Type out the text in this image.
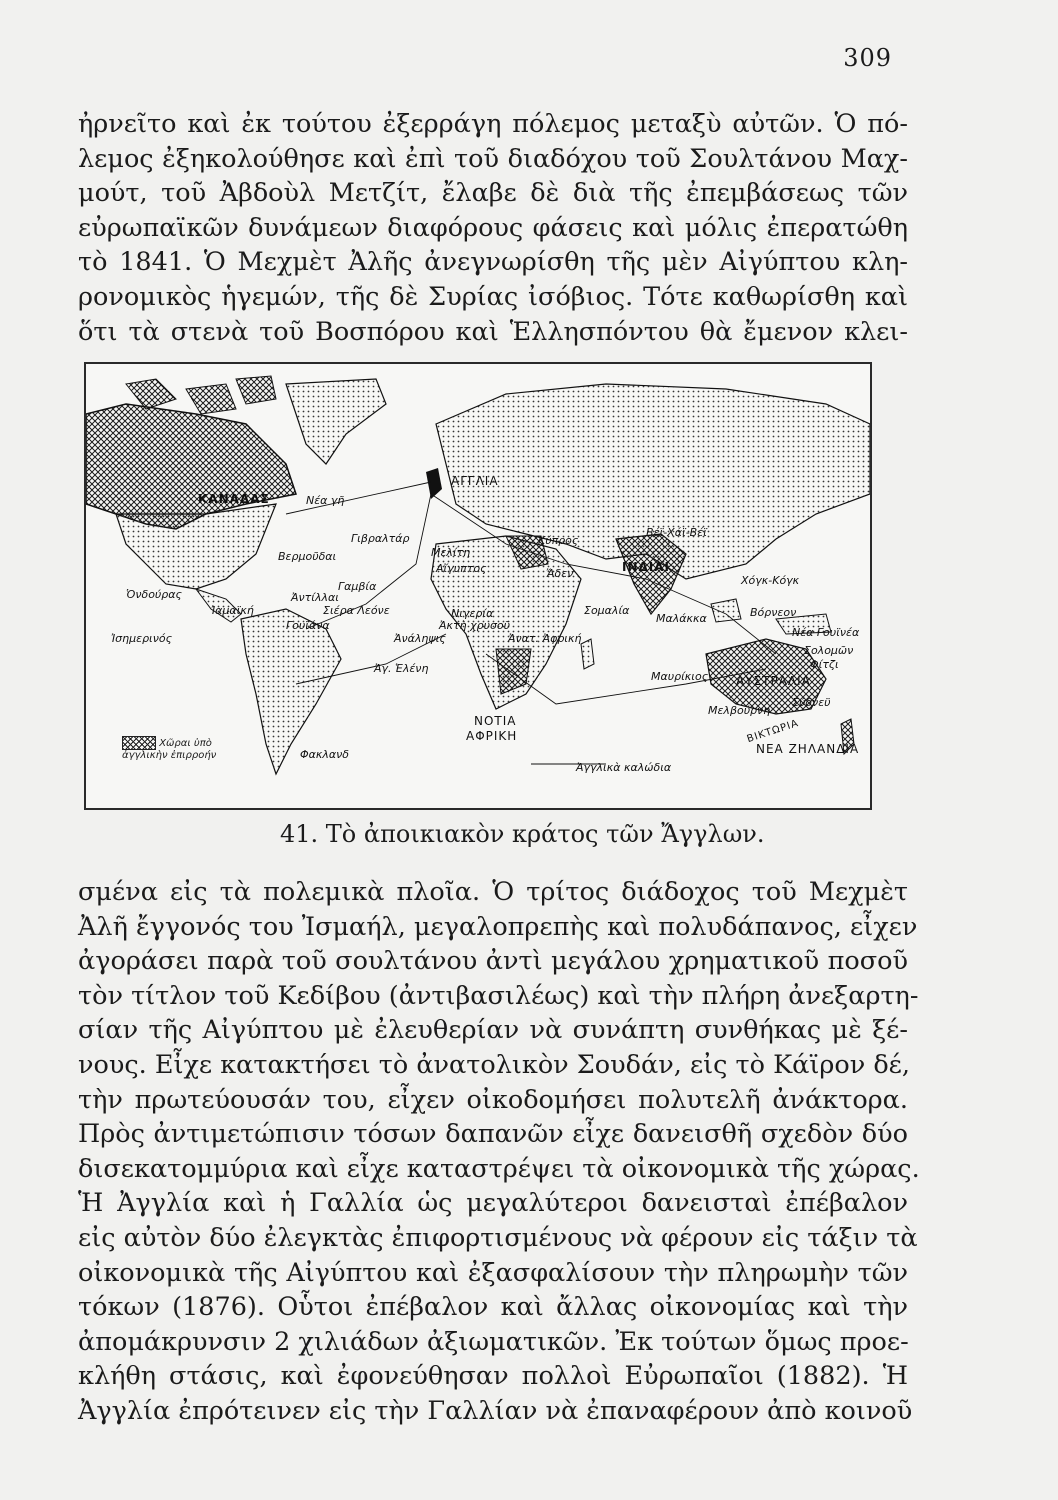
309
ἠρνεῖτο καὶ ἐκ τούτου ἐξερράγη πόλεμος μεταξὺ αὐτῶν. Ὁ πό-
λεμος ἐξηκολούθησε καὶ ἐπὶ τοῦ διαδόχου τοῦ Σουλτάνου Μαχ-
μούτ, τοῦ Ἀβδοὺλ Μετζίτ, ἔλαβε δὲ διὰ τῆς ἐπεμβάσεως τῶν
εὐρωπαϊκῶν δυνάμεων διαφόρους φάσεις καὶ μόλις ἐπερατώθη
τὸ 1841. Ὁ Μεχμὲτ Ἀλῆς ἀνεγνωρίσθη τῆς μὲν Αἰγύπτου κλη-
ρονομικὸς ἡγεμών, τῆς δὲ Συρίας ἰσόβιος. Τότε καθωρίσθη καὶ
ὅτι τὰ στενὰ τοῦ Βοσπόρου καὶ Ἑλλησπόντου θὰ ἔμενον κλει-
ΑΓΓΛΙΑ
ΚΑΝΑΔΑΣ	Νέα γῆ
Γιβραλτάρ
Βερμοῦδαι
Ὁνδούρας
Ἰαμαϊκή
Ἀντίλλαι
Γουϊάνα
Γαμβία
Σιέρα Λεόνε
Ἰσημερινός
Μελίτη
Κύπρος
Αἴγυπτος	Ἄδεν
Νιγερία	Σομαλία
Ἀκτὴ χρυσοῦ
Ἀνατ. Ἀφρική
Ἀνάληψις
Ἀγ. Ἑλένη
Βέϊ-Χάϊ-Βέϊ
ΙΝΔΙΑΙ
Χόγκ-Κόγκ
Μαλάκκα	Βόρνεον
Νέα Γουϊνέα
Σολομῶν
Φίτζι
Μαυρίκιος ΑΥΣΤΡΑΛΙΑ
Μελβούρνη
Σύδνεϋ
ΒΙΚΤΩΡΙΑ
ΝΕΑ ΖΗΛΑΝΔΙΑ
ΝΟΤΙΑ
ΑΦΡΙΚΗ
Φακλανδ
Ἀγγλικὰ καλώδια
Χῶραι ὑπὸ
ἀγγλικὴν ἐπιρροήν
41. Τὸ ἀποικιακὸν κράτος τῶν Ἄγγλων.
σμένα εἰς τὰ πολεμικὰ πλοῖα. Ὁ τρίτος διάδοχος τοῦ Μεχμὲτ
Ἀλῆ ἔγγονός του Ἰσμαήλ, μεγαλοπρεπὴς καὶ πολυδάπανος, εἶχεν
ἀγοράσει παρὰ τοῦ σουλτάνου ἀντὶ μεγάλου χρηματικοῦ ποσοῦ
τὸν τίτλον τοῦ Κεδίβου (ἀντιβασιλέως) καὶ τὴν πλήρη ἀνεξαρτη-
σίαν τῆς Αἰγύπτου μὲ ἐλευθερίαν νὰ συνάπτη συνθήκας μὲ ξέ-
νους. Εἶχε κατακτήσει τὸ ἀνατολικὸν Σουδάν, εἰς τὸ Κάϊρον δέ,
τὴν πρωτεύουσάν του, εἶχεν οἰκοδομήσει πολυτελῆ ἀνάκτορα.
Πρὸς ἀντιμετώπισιν τόσων δαπανῶν εἶχε δανεισθῆ σχεδὸν δύο
δισεκατομμύρια καὶ εἶχε καταστρέψει τὰ οἰκονομικὰ τῆς χώρας.
Ἡ Ἀγγλία καὶ ἡ Γαλλία ὡς μεγαλύτεροι δανεισταὶ ἐπέβαλον
εἰς αὐτὸν δύο ἐλεγκτὰς ἐπιφορτισμένους νὰ φέρουν εἰς τάξιν τὰ
οἰκονομικὰ τῆς Αἰγύπτου καὶ ἐξασφαλίσουν τὴν πληρωμὴν τῶν
τόκων (1876). Οὗτοι ἐπέβαλον καὶ ἄλλας οἰκονομίας καὶ τὴν
ἀπομάκρυνσιν 2 χιλιάδων ἀξιωματικῶν. Ἐκ τούτων ὅμως προε-
κλήθη στάσις, καὶ ἐφονεύθησαν πολλοὶ Εὐρωπαῖοι (1882). Ἡ
Ἀγγλία ἐπρότεινεν εἰς τὴν Γαλλίαν νὰ ἐπαναφέρουν ἀπὸ κοινοῦ
